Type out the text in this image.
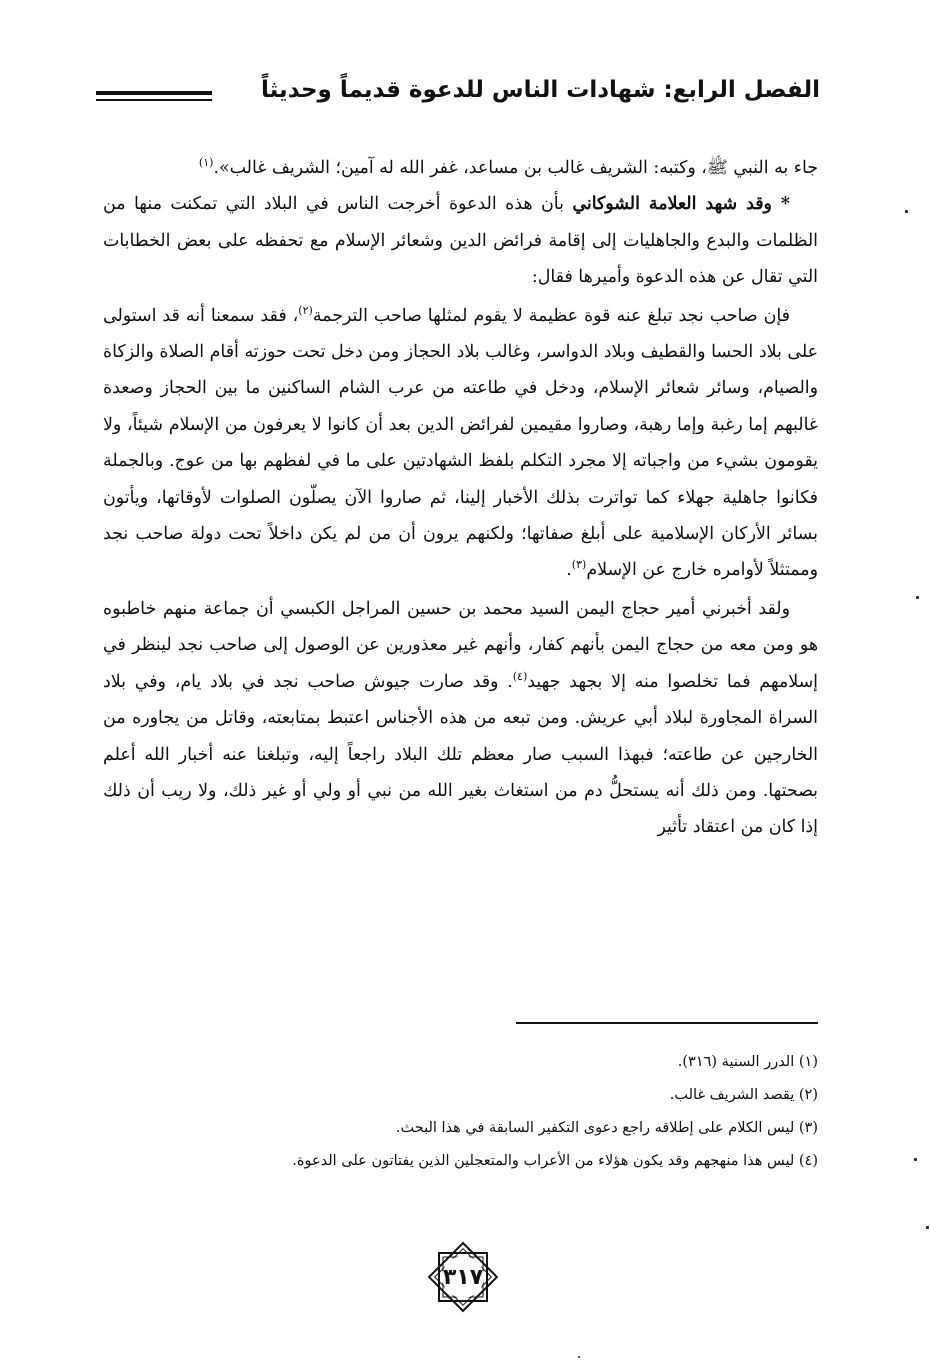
الفصل الرابع: شهادات الناس للدعوة قديماً وحديثاً

جاء به النبي ﷺ، وكتبه: الشريف غالب بن مساعد، غفر الله له آمين؛ الشريف غالب».$^{(١)}$

* وقد شهد العلامة الشوكاني بأن هذه الدعوة أخرجت الناس في البلاد التي تمكنت منها من الظلمات والبدع والجاهليات إلى إقامة فرائض الدين وشعائر الإسلام مع تحفظه على بعض الخطابات التي تقال عن هذه الدعوة وأميرها فقال:

فإن صاحب نجد تبلغ عنه قوة عظيمة لا يقوم لمثلها صاحب الترجمة$^{(٢)}$، فقد سمعنا أنه قد استولى على بلاد الحسا والقطيف وبلاد الدواسر، وغالب بلاد الحجاز ومن دخل تحت حوزته أقام الصلاة والزكاة والصيام، وسائر شعائر الإسلام، ودخل في طاعته من عرب الشام الساكنين ما بين الحجاز وصعدة غالبهم إما رغبة وإما رهبة، وصاروا مقيمين لفرائض الدين بعد أن كانوا لا يعرفون من الإسلام شيئاً، ولا يقومون بشيء من واجباته إلا مجرد التكلم بلفظ الشهادتين على ما في لفظهم بها من عوج. وبالجملة فكانوا جاهلية جهلاء كما تواترت بذلك الأخبار إلينا، ثم صاروا الآن يصلّون الصلوات لأوقاتها، ويأتون بسائر الأركان الإسلامية على أبلغ صفاتها؛ ولكنهم يرون أن من لم يكن داخلاً تحت دولة صاحب نجد وممتثلاً لأوامره خارج عن الإسلام$^{(٣)}$.

ولقد أخبرني أمير حجاج اليمن السيد محمد بن حسين المراجل الكبسي أن جماعة منهم خاطبوه هو ومن معه من حجاج اليمن بأنهم كفار، وأنهم غير معذورين عن الوصول إلى صاحب نجد لينظر في إسلامهم فما تخلصوا منه إلا بجهد جهيد$^{(٤)}$. وقد صارت جيوش صاحب نجد في بلاد يام، وفي بلاد السراة المجاورة لبلاد أبي عريش. ومن تبعه من هذه الأجناس اعتبط بمتابعته، وقاتل من يجاوره من الخارجين عن طاعته؛ فبهذا السبب صار معظم تلك البلاد راجعاً إليه، وتبلغنا عنه أخبار الله أعلم بصحتها. ومن ذلك أنه يستحلُّ دم من استغاث بغير الله من نبي أو ولي أو غير ذلك، ولا ريب أن ذلك إذا كان من اعتقاد تأثير

(١) الدرر السنية (٣١٦).
(٢) يقصد الشريف غالب.
(٣) ليس الكلام على إطلاقه راجع دعوى التكفير السابقة في هذا البحث.
(٤) ليس هذا منهجهم وقد يكون هؤلاء من الأعراب والمتعجلين الذين يفتاتون على الدعوة.
٣١٧
